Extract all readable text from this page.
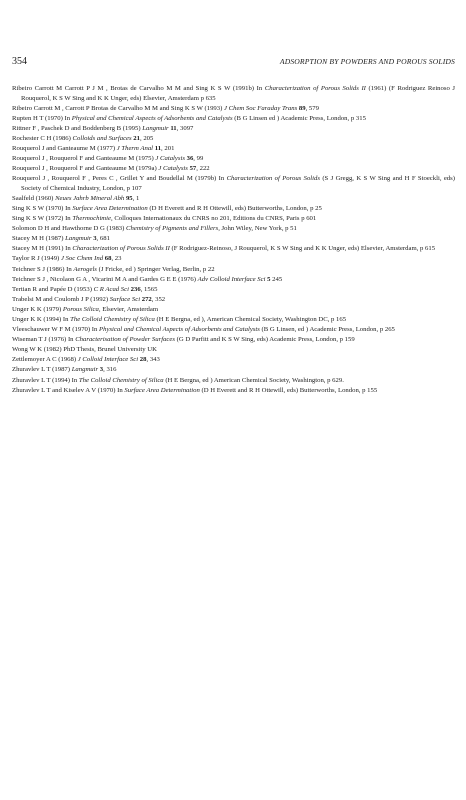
354	ADSORPTION BY POWDERS AND POROUS SOLIDS
Ribeiro Carrott M Carrott P J M , Brotas de Carvalho M M and Sing K S W (1991b) In Characterization of Porous Solids II (1961) (F Rodriguez Reinoso J Rouquerol, K S W Sing and K K Unger, eds) Elsevier, Amsterdam p 635
Ribeiro Carrott M , Carrott P Brotas de Carvalho M M and Sing K S W (1993) J Chem Soc Faraday Trans 89, 579
Rupten H T (1970) In Physical and Chemical Aspects of Adsorbents and Catalysts (B G Linsen ed ) Academic Press, London, p 315
Rittner F , Paschek D and Boddenberg B (1995) Langmuir 11, 3097
Rochester C H (1986) Colloids and Surfaces 21, 205
Rouquerol J and Ganteaume M (1977) J Therm Anal 11, 201
Rouquerol J , Rouquerol F and Ganteaume M (1975) J Catalysis 36, 99
Rouquerol J , Rouquerol F and Ganteaume M (1979a) J Catalysis 57, 222
Rouquerol J , Rouquerol F , Peres C , Grillet Y and Boudellal M (1979b) In Characterization of Porous Solids (S J Gregg, K S W Sing and H F Stoeckli, eds) Society of Chemical Industry, London, p 107
Saalfeld (1960) Neues Jahrb Mineral Abh 95, 1
Sing K S W (1970) In Surface Area Determination (D H Everett and R H Ottewill, eds) Butterworths, London, p 25
Sing K S W (1972) In Thermochimie, Colloques Internationaux du CNRS no 201, Editions du CNRS, Paris p 601
Solomon D H and Hawthorne D G (1983) Chemistry of Pigments and Fillers, John Wiley, New York, p 51
Stacey M H (1987) Langmuir 3, 681
Stacey M H (1991) In Characterization of Porous Solids II (F Rodriguez-Reinoso, J Rouquerol, K S W Sing and K K Unger, eds) Elsevier, Amsterdam, p 615
Taylor R J (1949) J Soc Chem Ind 68, 23
Teichner S J (1986) In Aerogels (J Fricke, ed ) Springer Verlag, Berlin, p 22
Teichner S J , Nicolaon G A , Vicarini M A and Gardes G E E (1976) Adv Colloid Interface Sci 5 245
Tertian R and Papée D (1953) C R Acad Sci 236, 1565
Trabelsi M and Coulomb J P (1992) Surface Sci 272, 352
Unger K K (1979) Porous Silica, Elsevier, Amsterdam
Unger K K (1994) In The Colloid Chemistry of Silica (H E Bergna, ed ), American Chemical Society, Washington DC, p 165
Vleeschauwer W F M (1970) In Physical and Chemical Aspects of Adsorbents and Catalysts (B G Linsen, ed ) Academic Press, London, p 265
Wiseman T J (1976) In Characterisation of Powder Surfaces (G D Parfitt and K S W Sing, eds) Academic Press, London, p 159
Wong W K (1982) PhD Thesis, Brunel University UK
Zettlemoyer A C (1968) J Colloid Interface Sci 28, 343
Zhuravlev L T (1987) Langmuir 3, 316
Zhuravlev L T (1994) In The Colloid Chemistry of Silica (H E Bergna, ed ) American Chemical Society, Washington, p 629.
Zhuravlev L T and Kiselev A V (1970) In Surface Area Determination (D H Everett and R H Ottewill, eds) Butterworths, London, p 155
